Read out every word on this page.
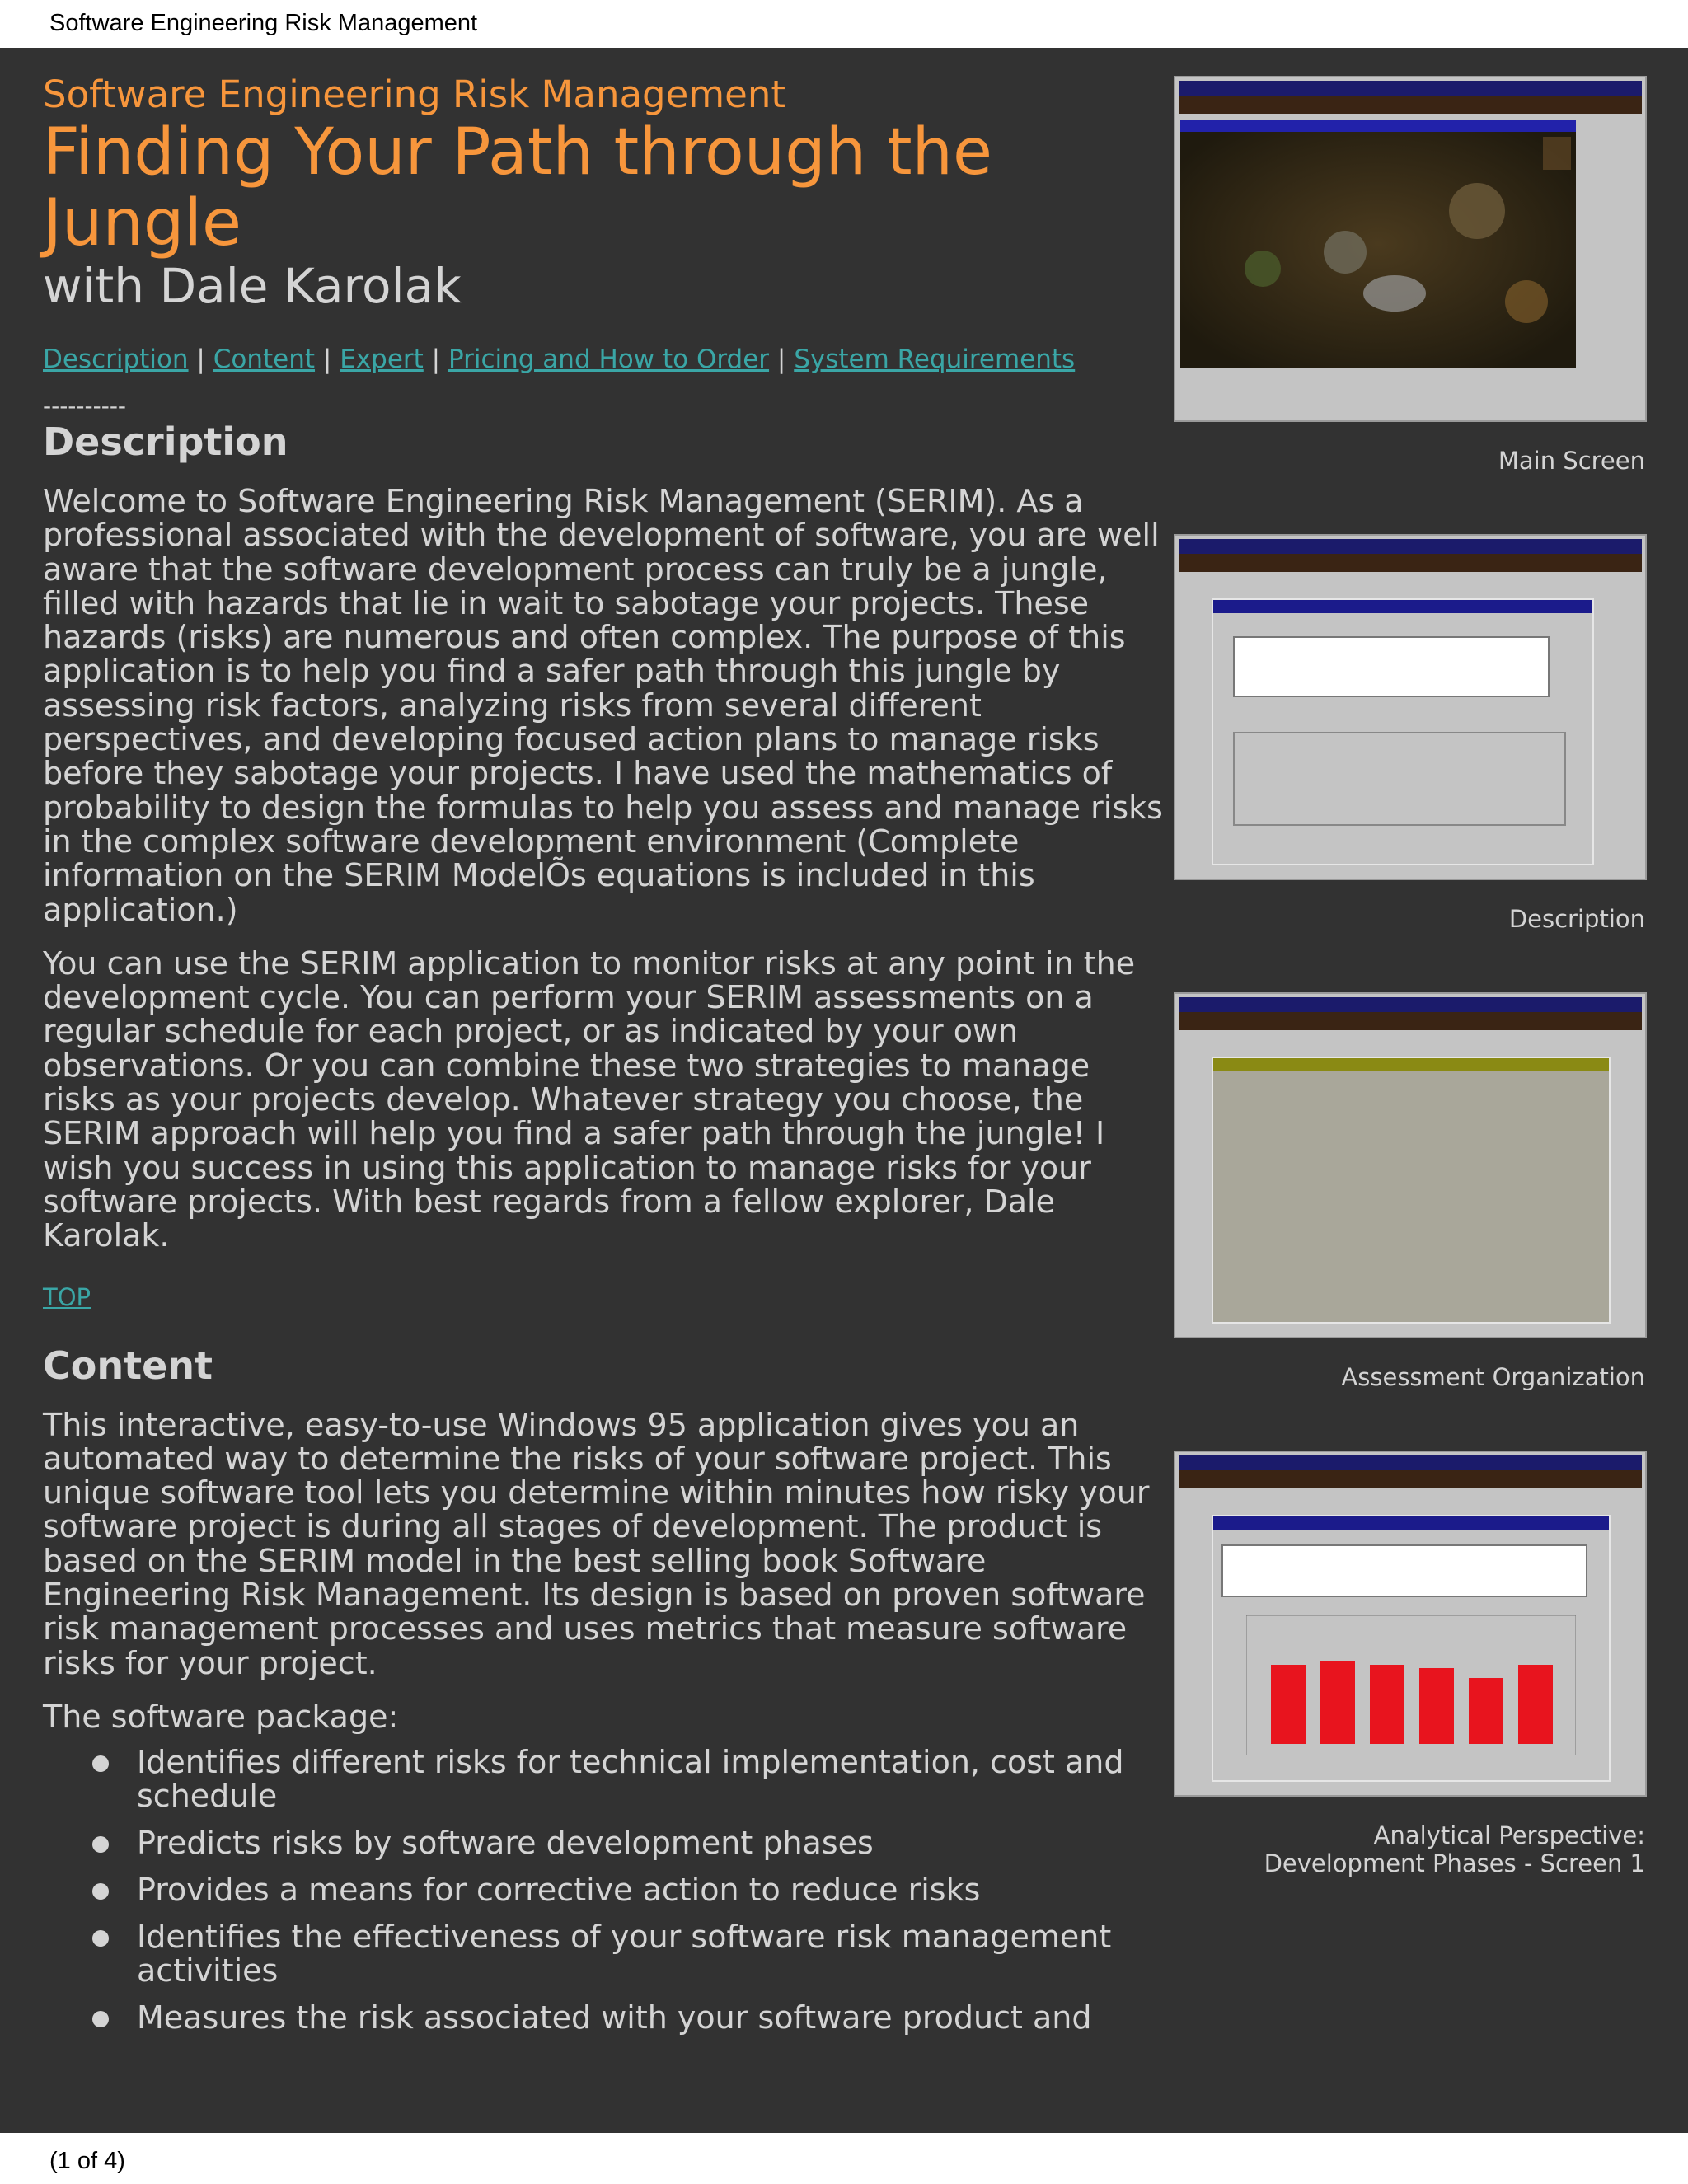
Software Engineering Risk Management
Software Engineering Risk Management
Finding Your Path through the Jungle
with Dale Karolak
Description | Content | Expert | Pricing and How to Order | System Requirements
----------
Description

Welcome to Software Engineering Risk Management (SERIM). As a professional associated with the development of software, you are well aware that the software development process can truly be a jungle, filled with hazards that lie in wait to sabotage your projects. These hazards (risks) are numerous and often complex. The purpose of this application is to help you find a safer path through this jungle by assessing risk factors, analyzing risks from several different perspectives, and developing focused action plans to manage risks before they sabotage your projects. I have used the mathematics of probability to design the formulas to help you assess and manage risks in the complex software development environment (Complete information on the SERIM ModelÕs equations is included in this application.)

You can use the SERIM application to monitor risks at any point in the development cycle. You can perform your SERIM assessments on a regular schedule for each project, or as indicated by your own observations. Or you can combine these two strategies to manage risks as your projects develop. Whatever strategy you choose, the SERIM approach will help you find a safer path through the jungle! I wish you success in using this application to manage risks for your software projects. With best regards from a fellow explorer, Dale Karolak.

TOP
Content

This interactive, easy-to-use Windows 95 application gives you an automated way to determine the risks of your software project. This unique software tool lets you determine within minutes how risky your software project is during all stages of development. The product is based on the SERIM model in the best selling book Software Engineering Risk Management. Its design is based on proven software risk management processes and uses metrics that measure software risks for your project.

The software package:

Identifies different risks for technical implementation, cost and schedule
Predicts risks by software development phases
Provides a means for corrective action to reduce risks
Identifies the effectiveness of your software risk management activities
Measures the risk associated with your software product and
Main Screen
Description
Assessment Organization
Analytical Perspective:
Development Phases - Screen 1
(1 of 4)
